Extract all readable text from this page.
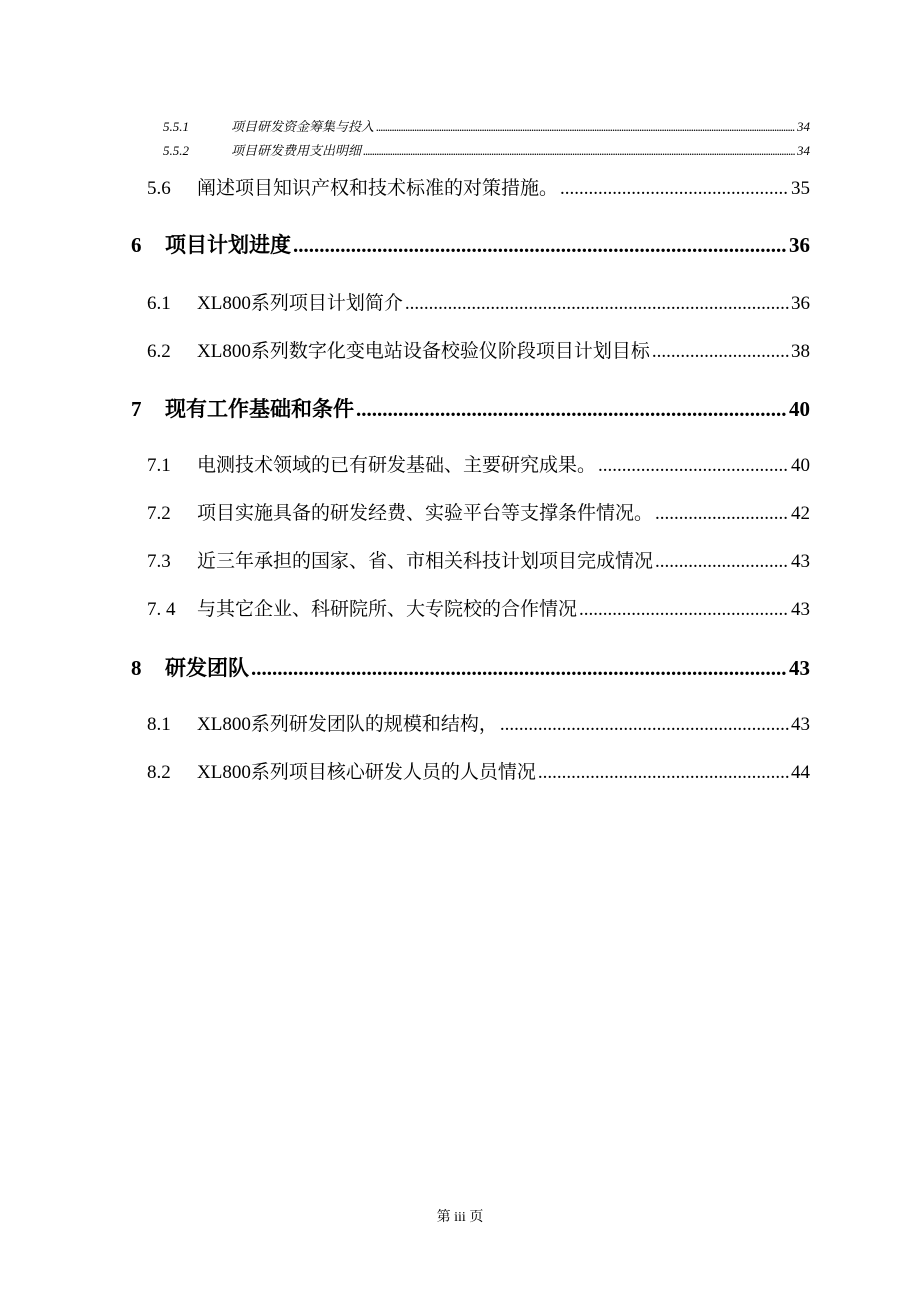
5.5.1	项目研发资金筹集与投入 .....	34
5.5.2	项目研发费用支出明细 .....	34
5.6	阐述项目知识产权和技术标准的对策措施。 .....	35
6	项目计划进度 .....	36
6.1	XL800系列项目计划简介 .....	36
6.2	XL800系列数字化变电站设备校验仪阶段项目计划目标 .....	38
7	现有工作基础和条件 .....	40
7.1	电测技术领域的已有研发基础、主要研究成果。 .....	40
7.2	项目实施具备的研发经费、实验平台等支撑条件情况。 .....	42
7.3	近三年承担的国家、省、市相关科技计划项目完成情况 .....	43
7. 4	与其它企业、科研院所、大专院校的合作情况 .....	43
8	研发团队 .....	43
8.1	XL800系列研发团队的规模和结构， .....	43
8.2	XL800系列项目核心研发人员的人员情况 .....	44
第 iii 页
